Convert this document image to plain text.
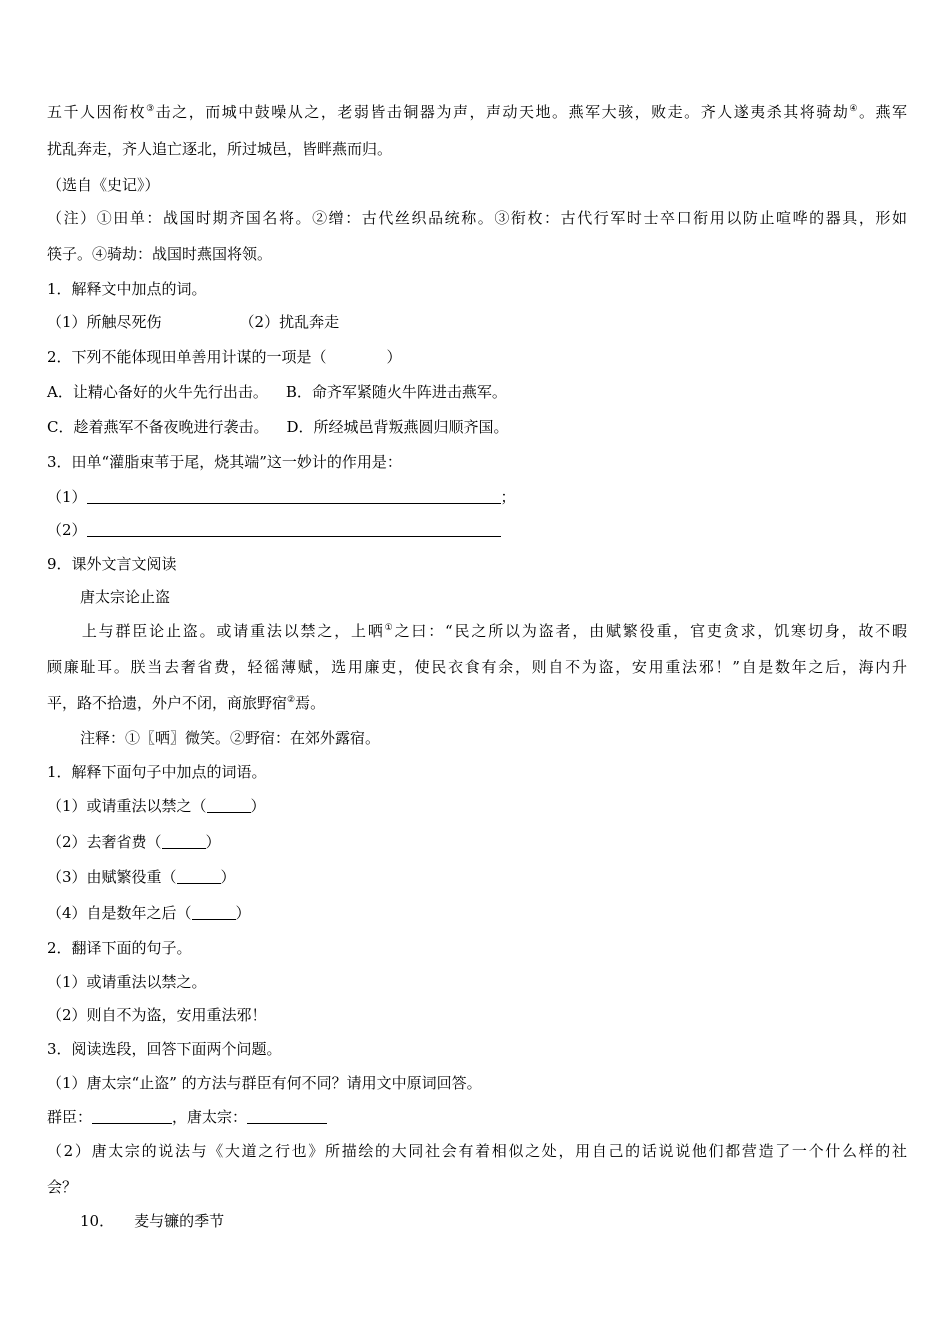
五千人因衔枚③击之，而城中鼓噪从之，老弱皆击铜器为声，声动天地。燕军大骇，败走。齐人遂夷杀其将骑劫④。燕军
扰乱奔走，齐人追亡逐北，所过城邑，皆畔燕而归。
（选自《史记》）
（注）①田单：战国时期齐国名将。②缯：古代丝织品统称。③衔枚：古代行军时士卒口衔用以防止喧哗的器具，形如
筷子。④骑劫：战国时燕国将领。
1．解释文中加点的词。
（1）所触尽死伤	（2）扰乱奔走
2．下列不能体现田单善用计谋的一项是（	）
A．让精心备好的火牛先行出击。 B．命齐军紧随火牛阵进击燕军。
C．趁着燕军不备夜晚进行袭击。 D．所经城邑背叛燕圆归顺齐国。
3．田单“灌脂束苇于尾，烧其端”这一妙计的作用是：
（1）	；
（2）
9．课外文言文阅读
唐太宗论止盗
上与群臣论止盗。或请重法以禁之，上哂①之曰：“民之所以为盗者，由赋繁役重，官吏贪求，饥寒切身，故不暇
顾廉耻耳。朕当去奢省费，轻徭薄赋，选用廉吏，使民衣食有余，则自不为盗，安用重法邪！”自是数年之后，海内升
平，路不拾遗，外户不闭，商旅野宿②焉。
注释：①〖哂〗微笑。②野宿：在郊外露宿。
1．解释下面句子中加点的词语。
（1）或请重法以禁之（	）
（2）去奢省费（	）
（3）由赋繁役重（	）
（4）自是数年之后（	）
2．翻译下面的句子。
（1）或请重法以禁之。
（2）则自不为盗，安用重法邪！
3．阅读选段，回答下面两个问题。
（1）唐太宗“止盗” 的方法与群臣有何不同？请用文中原词回答。
群臣：	，唐太宗：
（2）唐太宗的说法与《大道之行也》所描绘的大同社会有着相似之处，用自己的话说说他们都营造了一个什么样的社
会？
10． 麦与镰的季节
